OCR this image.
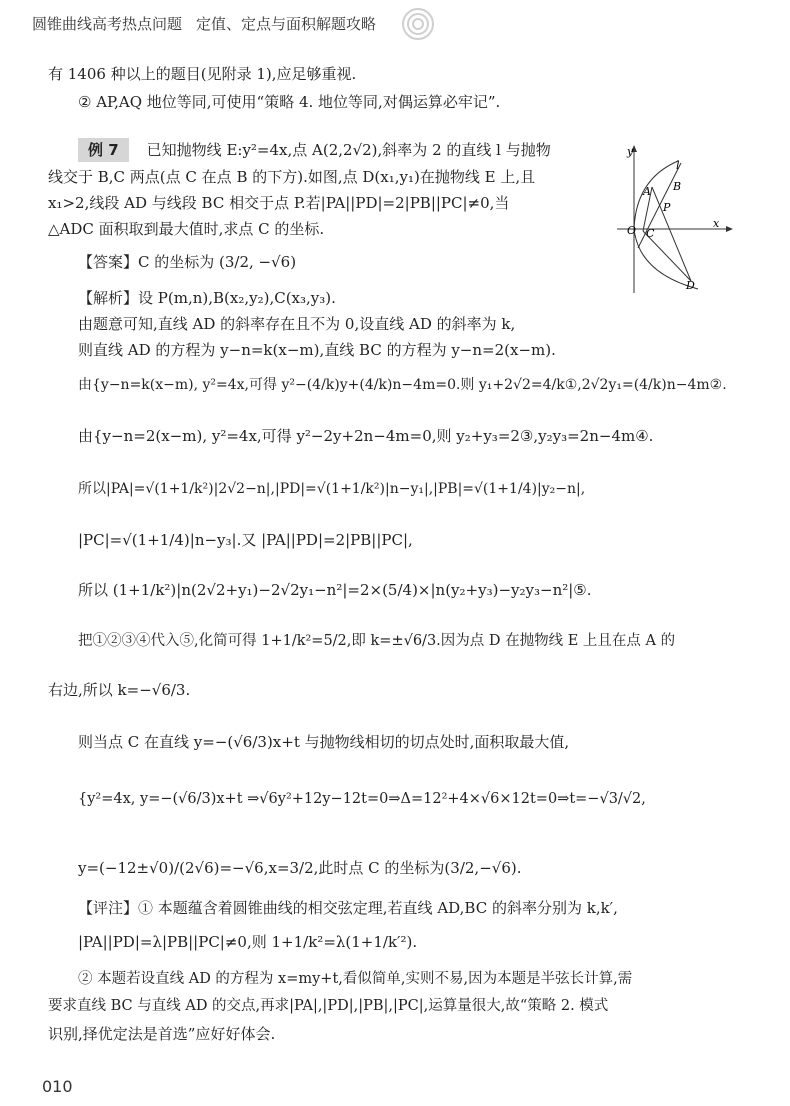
圆锥曲线高考热点问题 定值、定点与面积解题攻略
有 1406 种以上的题目(见附录 1),应足够重视.
② AP,AQ 地位等同,可使用“策略 4. 地位等同,对偶运算必牢记”.
例 7 已知抛物线 E:y²=4x,点 A(2,2√2),斜率为 2 的直线 l 与抛物
线交于 B,C 两点(点 C 在点 B 的下方).如图,点 D(x₁,y₁)在抛物线 E 上,且
x₁>2,线段 AD 与线段 BC 相交于点 P.若|PA||PD|=2|PB||PC|≠0,当
△ADC 面积取到最大值时,求点 C 的坐标.
y
x
O
A B
C
P
D
l
【答案】C 的坐标为 (3/2, −√6)
【解析】设 P(m,n),B(x₂,y₂),C(x₃,y₃).
由题意可知,直线 AD 的斜率存在且不为 0,设直线 AD 的斜率为 k,
则直线 AD 的方程为 y−n=k(x−m),直线 BC 的方程为 y−n=2(x−m).
由{y−n=k(x−m), y²=4x,可得 y²−(4/k)y+(4/k)n−4m=0.则 y₁+2√2=4/k①,2√2y₁=(4/k)n−4m②.
由{y−n=2(x−m), y²=4x,可得 y²−2y+2n−4m=0,则 y₂+y₃=2③,y₂y₃=2n−4m④.
所以|PA|=√(1+1/k²)|2√2−n|,|PD|=√(1+1/k²)|n−y₁|,|PB|=√(1+1/4)|y₂−n|,
|PC|=√(1+1/4)|n−y₃|.又 |PA||PD|=2|PB||PC|,
所以 (1+1/k²)|n(2√2+y₁)−2√2y₁−n²|=2×(5/4)×|n(y₂+y₃)−y₂y₃−n²|⑤.
把①②③④代入⑤,化简可得 1+1/k²=5/2,即 k=±√6/3.因为点 D 在抛物线 E 上且在点 A 的
右边,所以 k=−√6/3.
则当点 C 在直线 y=−(√6/3)x+t 与抛物线相切的切点处时,面积取最大值,
{y²=4x, y=−(√6/3)x+t ⇒√6y²+12y−12t=0⇒Δ=12²+4×√6×12t=0⇒t=−√3/√2,
y=(−12±√0)/(2√6)=−√6,x=3/2,此时点 C 的坐标为(3/2,−√6).
【评注】① 本题蕴含着圆锥曲线的相交弦定理,若直线 AD,BC 的斜率分别为 k,k′,
|PA||PD|=λ|PB||PC|≠0,则 1+1/k²=λ(1+1/k′²).
② 本题若设直线 AD 的方程为 x=my+t,看似简单,实则不易,因为本题是半弦长计算,需
要求直线 BC 与直线 AD 的交点,再求|PA|,|PD|,|PB|,|PC|,运算量很大,故“策略 2. 模式
识别,择优定法是首选”应好好体会.
010
